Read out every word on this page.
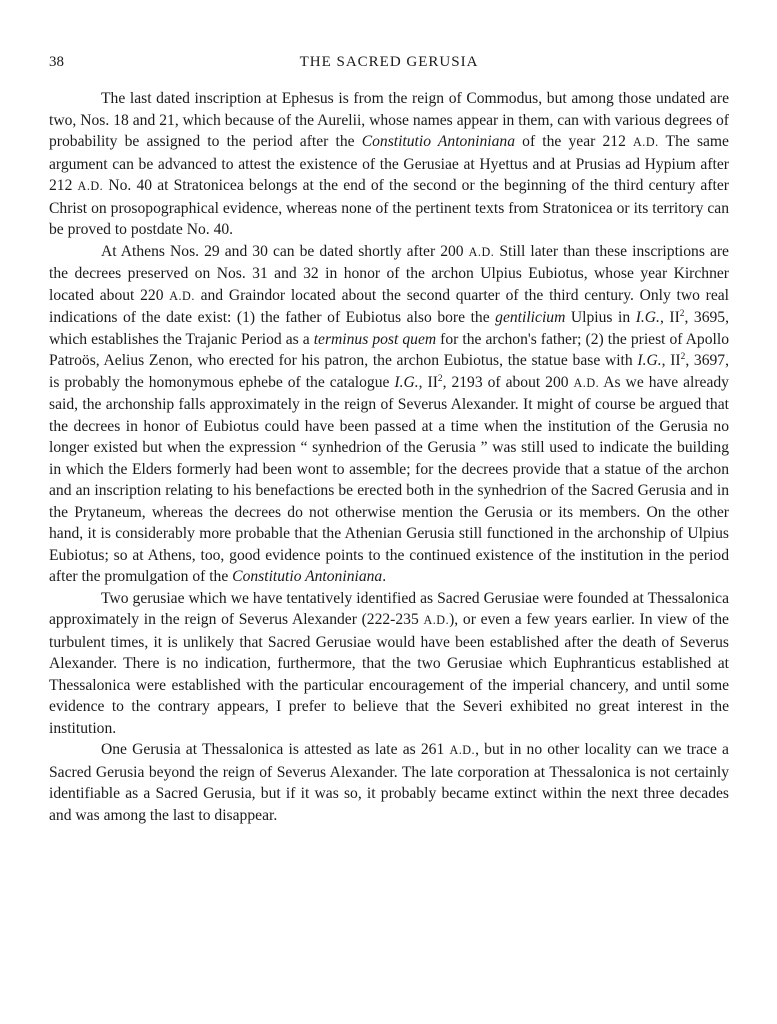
38	THE SACRED GERUSIA

The last dated inscription at Ephesus is from the reign of Commodus, but among those undated are two, Nos. 18 and 21, which because of the Aurelii, whose names appear in them, can with various degrees of probability be assigned to the period after the Constitutio Antoniniana of the year 212 A.D. The same argument can be advanced to attest the existence of the Gerusiae at Hyettus and at Prusias ad Hypium after 212 A.D. No. 40 at Stratonicea belongs at the end of the second or the beginning of the third century after Christ on prosopographical evidence, whereas none of the pertinent texts from Stratonicea or its territory can be proved to postdate No. 40.

At Athens Nos. 29 and 30 can be dated shortly after 200 A.D. Still later than these inscriptions are the decrees preserved on Nos. 31 and 32 in honor of the archon Ulpius Eubiotus, whose year Kirchner located about 220 A.D. and Graindor located about the second quarter of the third century. Only two real indications of the date exist: (1) the father of Eubiotus also bore the gentilicium Ulpius in I.G., $II^2$, 3695, which establishes the Trajanic Period as a terminus post quem for the archon's father; (2) the priest of Apollo Patroös, Aelius Zenon, who erected for his patron, the archon Eubiotus, the statue base with I.G., $II^2$, 3697, is probably the homonymous ephebe of the catalogue I.G., $II^2$, 2193 of about 200 A.D. As we have already said, the archonship falls approximately in the reign of Severus Alexander. It might of course be argued that the decrees in honor of Eubiotus could have been passed at a time when the institution of the Gerusia no longer existed but when the expression “ synhedrion of the Gerusia ” was still used to indicate the building in which the Elders formerly had been wont to assemble; for the decrees provide that a statue of the archon and an inscription relating to his benefactions be erected both in the synhedrion of the Sacred Gerusia and in the Prytaneum, whereas the decrees do not otherwise mention the Gerusia or its members. On the other hand, it is considerably more probable that the Athenian Gerusia still functioned in the archonship of Ulpius Eubiotus; so at Athens, too, good evidence points to the continued existence of the institution in the period after the promulgation of the Constitutio Antoniniana.

Two gerusiae which we have tentatively identified as Sacred Gerusiae were founded at Thessalonica approximately in the reign of Severus Alexander (222-235 A.D.), or even a few years earlier. In view of the turbulent times, it is unlikely that Sacred Gerusiae would have been established after the death of Severus Alexander. There is no indication, furthermore, that the two Gerusiae which Euphranticus established at Thessalonica were established with the particular encouragement of the imperial chancery, and until some evidence to the contrary appears, I prefer to believe that the Severi exhibited no great interest in the institution.

One Gerusia at Thessalonica is attested as late as 261 A.D., but in no other locality can we trace a Sacred Gerusia beyond the reign of Severus Alexander. The late corporation at Thessalonica is not certainly identifiable as a Sacred Gerusia, but if it was so, it probably became extinct within the next three decades and was among the last to disappear.
